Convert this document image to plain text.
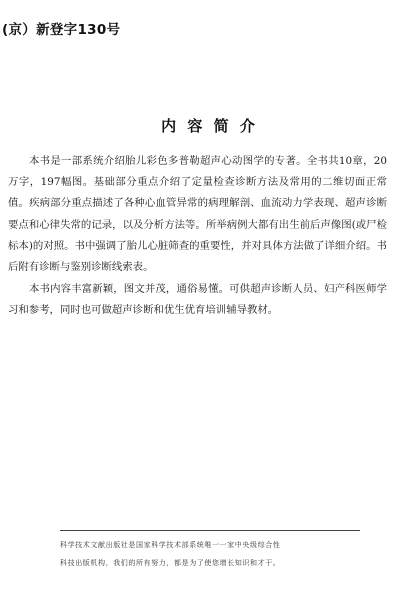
(京）新登字130号
内 容 简 介

本书是一部系统介绍胎儿彩色多普勒超声心动图学的专著。全书共10章，20万字，197幅图。基础部分重点介绍了定量检查诊断方法及常用的二维切面正常值。疾病部分重点描述了各种心血管异常的病理解剖、血流动力学表现、超声诊断要点和心律失常的记录，以及分析方法等。所举病例大都有出生前后声像图(或尸检标本)的对照。书中强调了胎儿心脏筛查的重要性，并对具体方法做了详细介绍。书后附有诊断与鉴别诊断线索表。

本书内容丰富新颖，图文并茂，通俗易懂。可供超声诊断人员、妇产科医师学习和参考，同时也可做超声诊断和优生优育培训辅导教材。

科学技术文献出版社是国家科学技术部系统唯一一家中央级综合性
科技出版机构，我们的所有努力，都是为了使您增长知识和才干。
